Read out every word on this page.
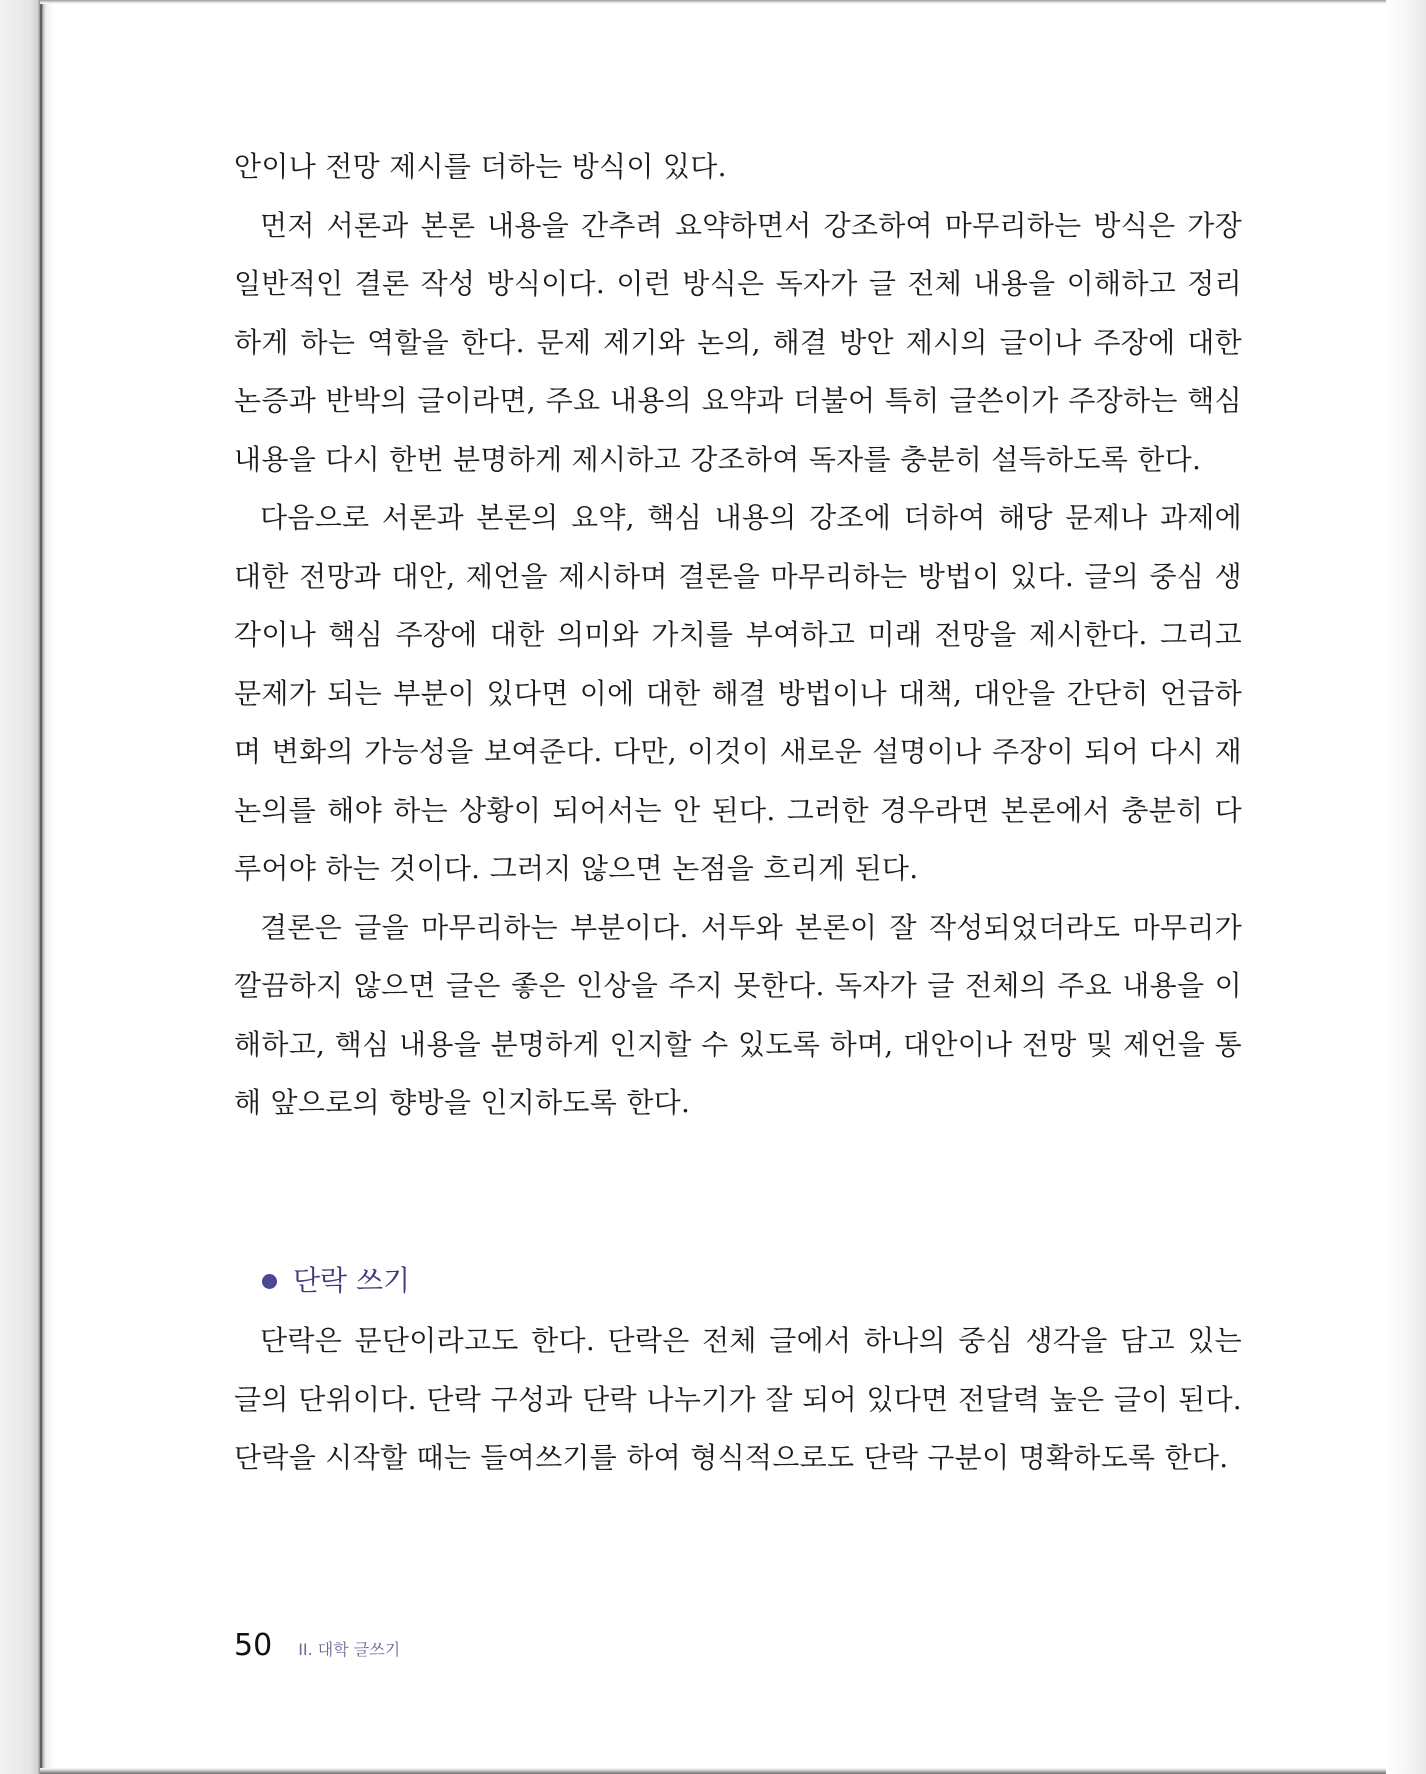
안이나 전망 제시를 더하는 방식이 있다.

먼저 서론과 본론 내용을 간추려 요약하면서 강조하여 마무리하는 방식은 가장 일반적인 결론 작성 방식이다. 이런 방식은 독자가 글 전체 내용을 이해하고 정리하게 하는 역할을 한다. 문제 제기와 논의, 해결 방안 제시의 글이나 주장에 대한 논증과 반박의 글이라면, 주요 내용의 요약과 더불어 특히 글쓴이가 주장하는 핵심 내용을 다시 한번 분명하게 제시하고 강조하여 독자를 충분히 설득하도록 한다.

다음으로 서론과 본론의 요약, 핵심 내용의 강조에 더하여 해당 문제나 과제에 대한 전망과 대안, 제언을 제시하며 결론을 마무리하는 방법이 있다. 글의 중심 생각이나 핵심 주장에 대한 의미와 가치를 부여하고 미래 전망을 제시한다. 그리고 문제가 되는 부분이 있다면 이에 대한 해결 방법이나 대책, 대안을 간단히 언급하며 변화의 가능성을 보여준다. 다만, 이것이 새로운 설명이나 주장이 되어 다시 재논의를 해야 하는 상황이 되어서는 안 된다. 그러한 경우라면 본론에서 충분히 다루어야 하는 것이다. 그러지 않으면 논점을 흐리게 된다.

결론은 글을 마무리하는 부분이다. 서두와 본론이 잘 작성되었더라도 마무리가 깔끔하지 않으면 글은 좋은 인상을 주지 못한다. 독자가 글 전체의 주요 내용을 이해하고, 핵심 내용을 분명하게 인지할 수 있도록 하며, 대안이나 전망 및 제언을 통해 앞으로의 향방을 인지하도록 한다.

단락 쓰기

단락은 문단이라고도 한다. 단락은 전체 글에서 하나의 중심 생각을 담고 있는 글의 단위이다. 단락 구성과 단락 나누기가 잘 되어 있다면 전달력 높은 글이 된다. 단락을 시작할 때는 들여쓰기를 하여 형식적으로도 단락 구분이 명확하도록 한다.

50 II. 대학 글쓰기
